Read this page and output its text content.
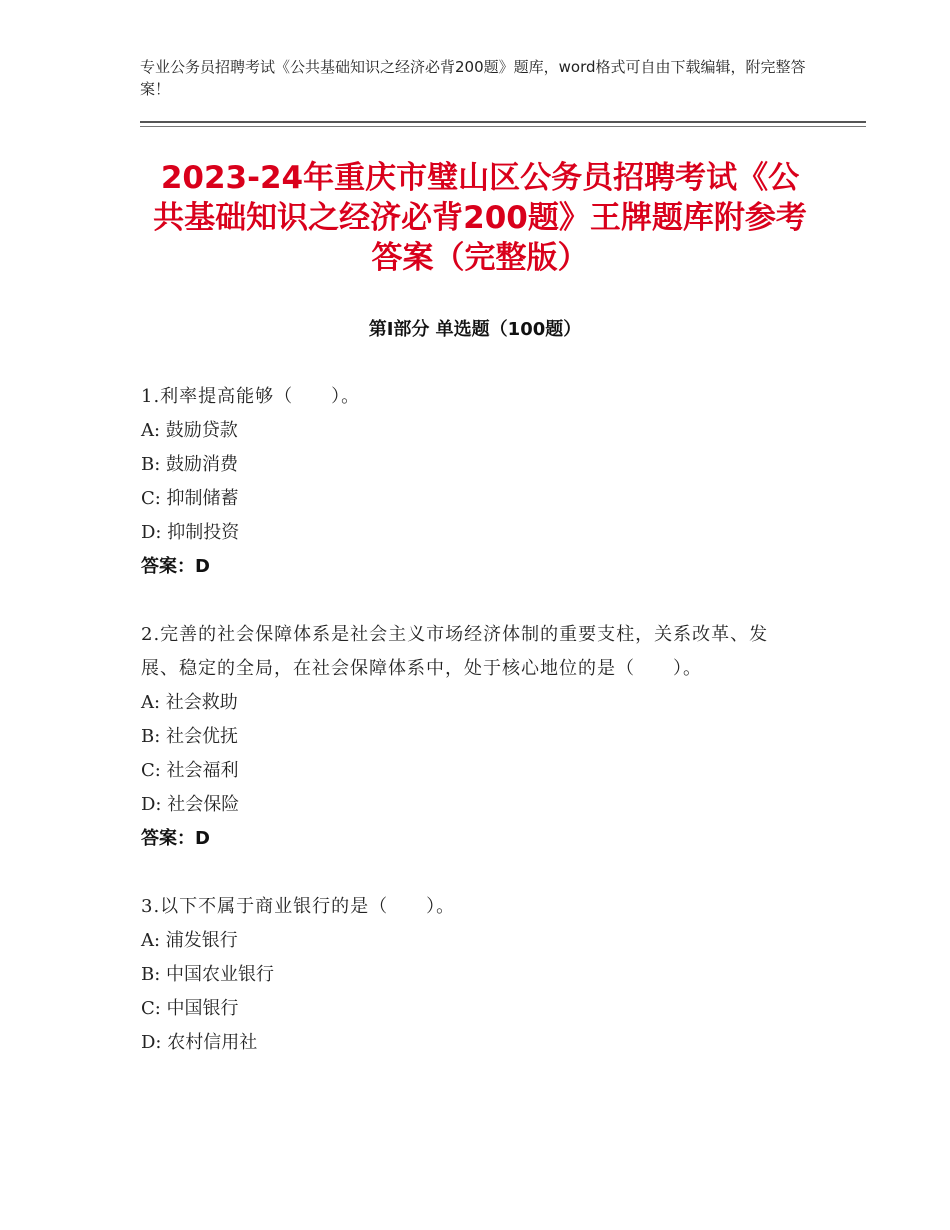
专业公务员招聘考试《公共基础知识之经济必背200题》题库，word格式可自由下载编辑，附完整答案！
2023-24年重庆市璧山区公务员招聘考试《公共基础知识之经济必背200题》王牌题库附参考答案（完整版）
第Ⅰ部分 单选题（100题）
1.利率提高能够（　　）。
A: 鼓励贷款
B: 鼓励消费
C: 抑制储蓄
D: 抑制投资
答案：D
2.完善的社会保障体系是社会主义市场经济体制的重要支柱，关系改革、发展、稳定的全局，在社会保障体系中，处于核心地位的是（　　）。
A: 社会救助
B: 社会优抚
C: 社会福利
D: 社会保险
答案：D
3.以下不属于商业银行的是（　　）。
A: 浦发银行
B: 中国农业银行
C: 中国银行
D: 农村信用社
